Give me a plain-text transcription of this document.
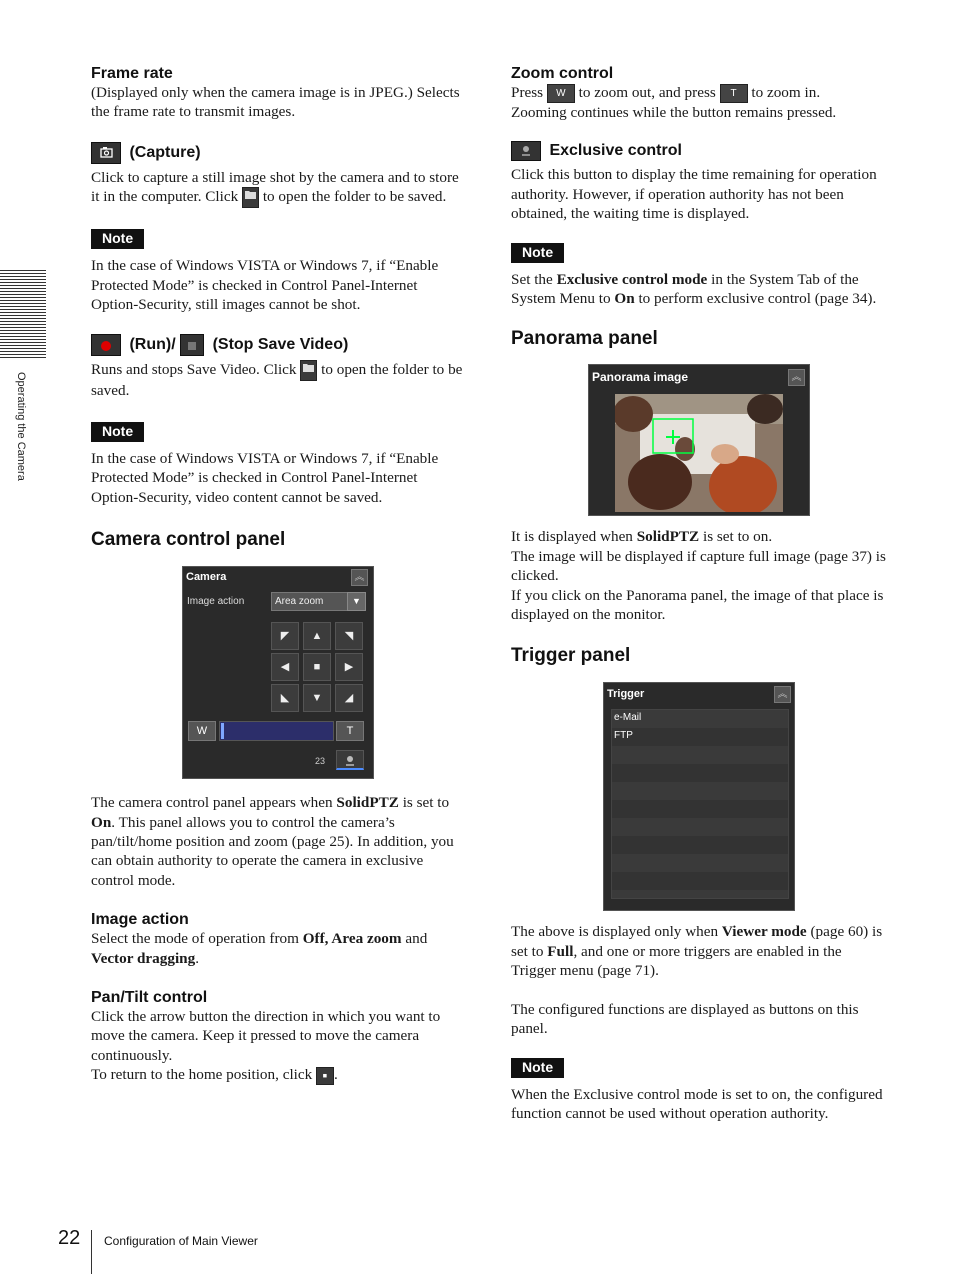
Operating the Camera
Frame rate
(Displayed only when the camera image is in JPEG.) Selects the frame rate to transmit images.
(Capture)
Click to capture a still image shot by the camera and to store it in the computer. Click to open the folder to be saved.
Note
In the case of Windows VISTA or Windows 7, if “Enable Protected Mode” is checked in Control Panel-Internet Option-Security, still images cannot be shot.
(Run)/ (Stop Save Video)
Runs and stops Save Video. Click to open the folder to be saved.
Note
In the case of Windows VISTA or Windows 7, if “Enable Protected Mode” is checked in Control Panel-Internet Option-Security, video content cannot be saved.
Camera control panel
Camera	︽
Image action	Area zoom	▼
◤	▲	◥
◀	■	▶
◣	▼	◢
W	T
23
The camera control panel appears when SolidPTZ is set to On. This panel allows you to control the camera’s pan/tilt/home position and zoom (page 25). In addition, you can obtain authority to operate the camera in exclusive control mode.
Image action
Select the mode of operation from Off, Area zoom and Vector dragging.
Pan/Tilt control
Click the arrow button the direction in which you want to move the camera. Keep it pressed to move the camera continuously.
To return to the home position, click ▪ .
Zoom control
Press W to zoom out, and press T to zoom in.
Zooming continues while the button remains pressed.
Exclusive control
Click this button to display the time remaining for operation authority. However, if operation authority has not been obtained, the waiting time is displayed.
Note
Set the Exclusive control mode in the System Tab of the System Menu to On to perform exclusive control (page 34).
Panorama panel
Panorama image	︽
It is displayed when SolidPTZ is set to on.
The image will be displayed if capture full image (page 37) is clicked.
If you click on the Panorama panel, the image of that place is displayed on the monitor.
Trigger panel
Trigger	︽
e-Mail
FTP
The above is displayed only when Viewer mode (page 60) is set to Full, and one or more triggers are enabled in the Trigger menu (page 71).
The configured functions are displayed as buttons on this panel.
Note
When the Exclusive control mode is set to on, the configured function cannot be used without operation authority.
22 Configuration of Main Viewer
